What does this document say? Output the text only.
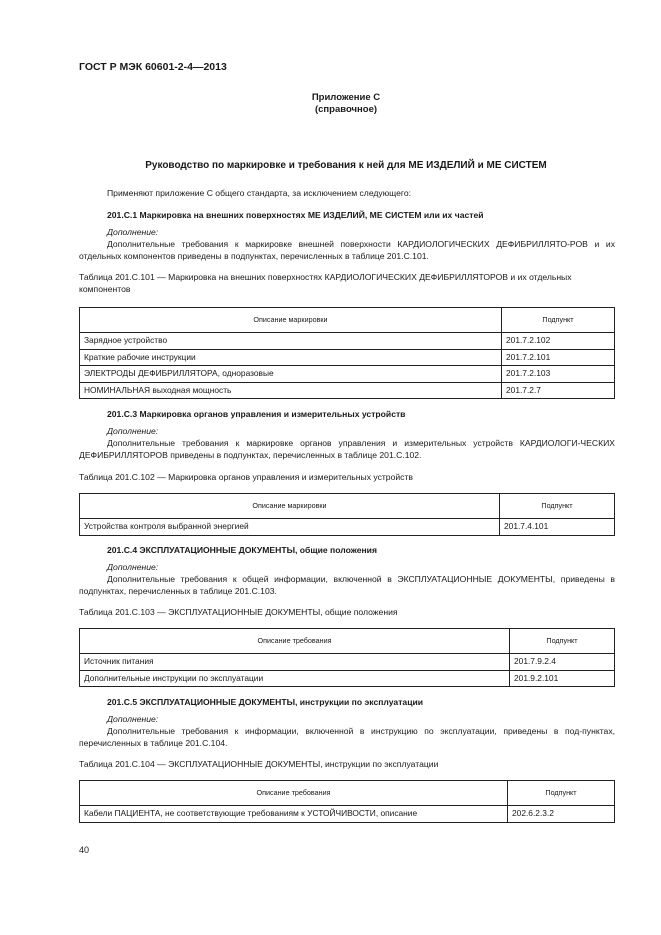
ГОСТ Р МЭК 60601-2-4—2013
Приложение С
(справочное)
Руководство по маркировке и требования к ней для МЕ ИЗДЕЛИЙ и МЕ СИСТЕМ
Применяют приложение С общего стандарта, за исключением следующего:
201.С.1 Маркировка на внешних поверхностях МЕ ИЗДЕЛИЙ, МЕ СИСТЕМ или их частей
Дополнение:
Дополнительные требования к маркировке внешней поверхности КАРДИОЛОГИЧЕСКИХ ДЕФИБРИЛЛЯТО-РОВ и их отдельных компонентов приведены в подпунктах, перечисленных в таблице 201.С.101.
Таблица 201.С.101 — Маркировка на внешних поверхностях КАРДИОЛОГИЧЕСКИХ ДЕФИБРИЛЛЯТОРОВ и их отдельных компонентов
Описание маркировки	Подпункт
Зарядное устройство	201.7.2.102
Краткие рабочие инструкции	201.7.2.101
ЭЛЕКТРОДЫ ДЕФИБРИЛЛЯТОРА, одноразовые	201.7.2.103
НОМИНАЛЬНАЯ выходная мощность	201.7.2.7
201.С.3 Маркировка органов управления и измерительных устройств
Дополнение:
Дополнительные требования к маркировке органов управления и измерительных устройств КАРДИОЛОГИ-ЧЕСКИХ ДЕФИБРИЛЛЯТОРОВ приведены в подпунктах, перечисленных в таблице 201.С.102.
Таблица 201.С.102 — Маркировка органов управления и измерительных устройств
Описание маркировки	Подпункт
Устройства контроля выбранной энергией	201.7.4.101
201.С.4 ЭКСПЛУАТАЦИОННЫЕ ДОКУМЕНТЫ, общие положения
Дополнение:
Дополнительные требования к общей информации, включенной в ЭКСПЛУАТАЦИОННЫЕ ДОКУМЕНТЫ, приведены в подпунктах, перечисленных в таблице 201.С.103.
Таблица 201.С.103 — ЭКСПЛУАТАЦИОННЫЕ ДОКУМЕНТЫ, общие положения
Описание требования	Подпункт
Источник питания	201.7.9.2.4
Дополнительные инструкции по эксплуатации	201.9.2.101
201.С.5 ЭКСПЛУАТАЦИОННЫЕ ДОКУМЕНТЫ, инструкции по эксплуатации
Дополнение:
Дополнительные требования к информации, включенной в инструкцию по эксплуатации, приведены в под-пунктах, перечисленных в таблице 201.С.104.
Таблица 201.С.104 — ЭКСПЛУАТАЦИОННЫЕ ДОКУМЕНТЫ, инструкции по эксплуатации
Описание требования	Подпункт
Кабели ПАЦИЕНТА, не соответствующие требованиям к УСТОЙЧИВОСТИ, описание	202.6.2.3.2
40
